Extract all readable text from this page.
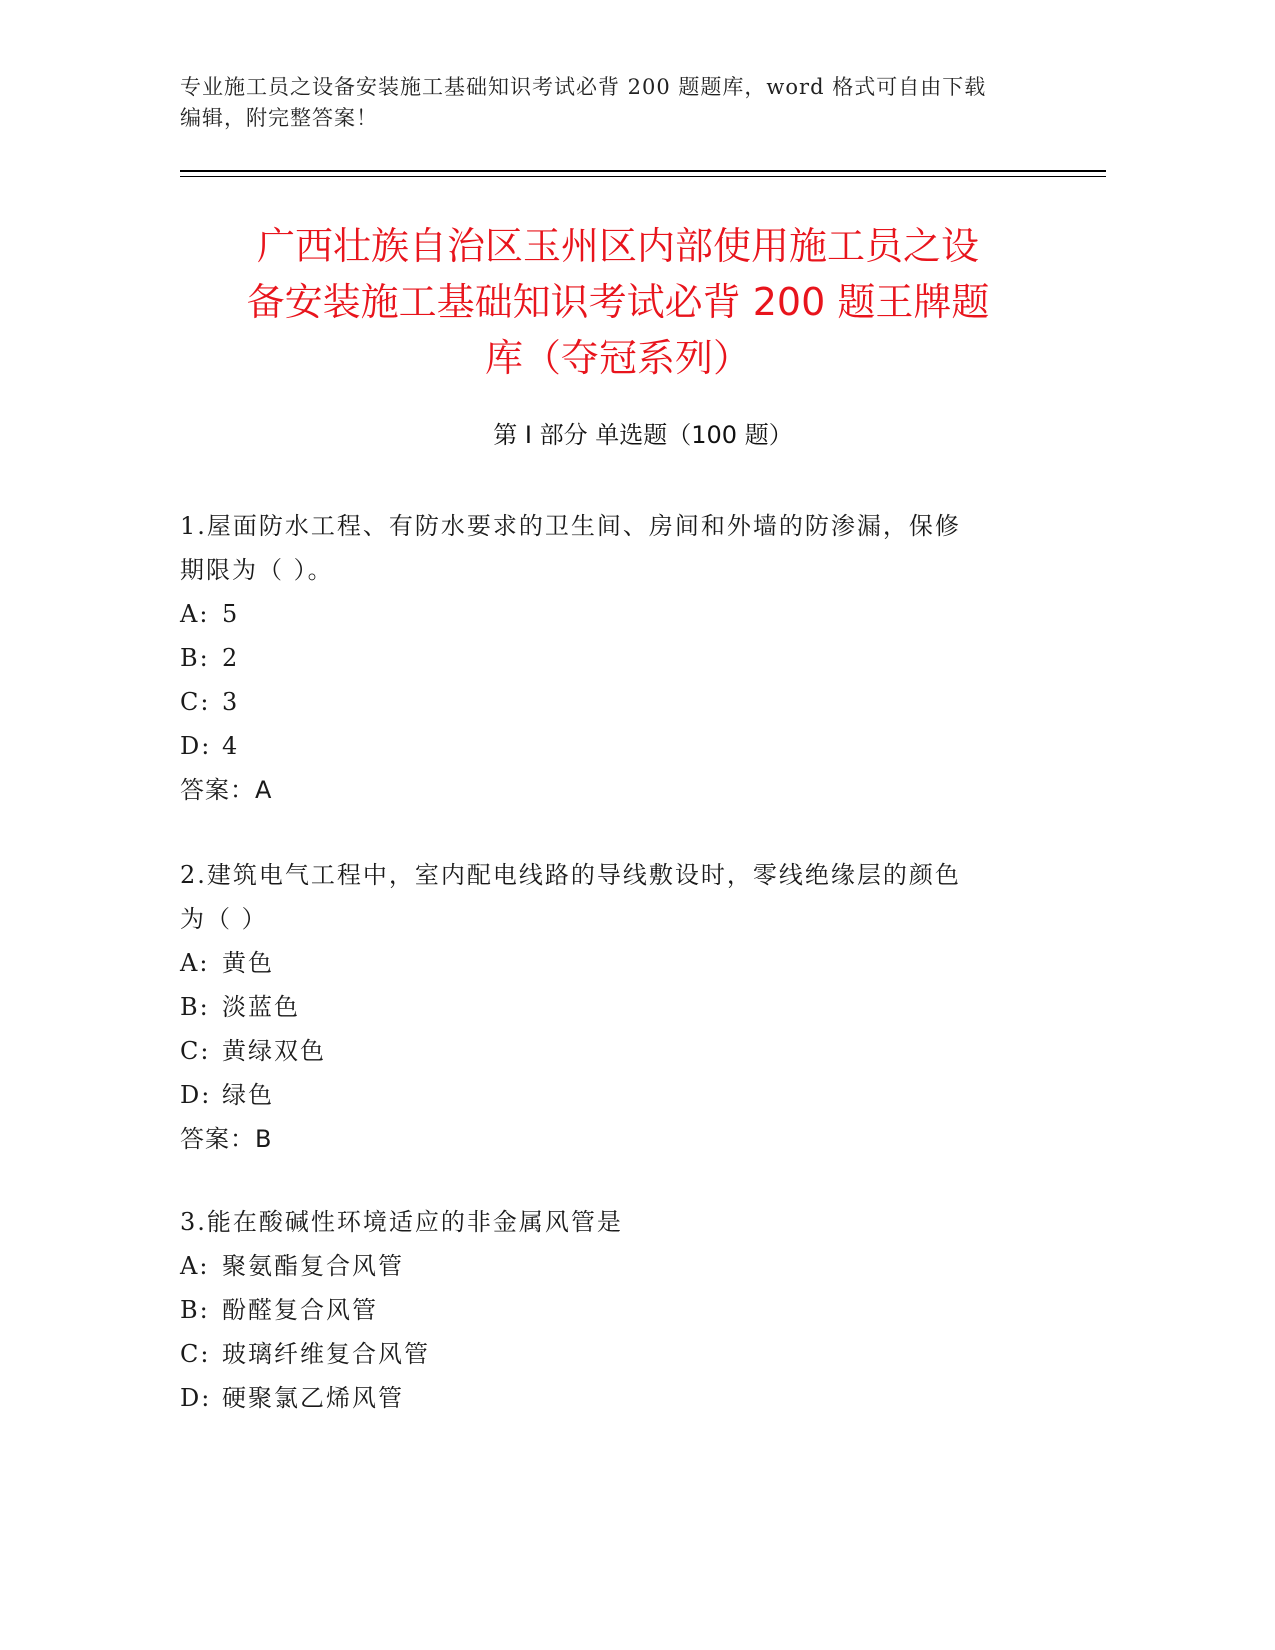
专业施工员之设备安装施工基础知识考试必背 200 题题库，word 格式可自由下载
编辑，附完整答案！
广西壮族自治区玉州区内部使用施工员之设
备安装施工基础知识考试必背 200 题王牌题
库（夺冠系列）
第 I 部分 单选题（100 题）
1.屋面防水工程、有防水要求的卫生间、房间和外墙的防渗漏，保修
期限为（ ）。
A: 5
B: 2
C: 3
D: 4
答案：A
2.建筑电气工程中，室内配电线路的导线敷设时，零线绝缘层的颜色
为（ ）
A: 黄色
B: 淡蓝色
C: 黄绿双色
D: 绿色
答案：B
3.能在酸碱性环境适应的非金属风管是
A: 聚氨酯复合风管
B: 酚醛复合风管
C: 玻璃纤维复合风管
D: 硬聚氯乙烯风管
